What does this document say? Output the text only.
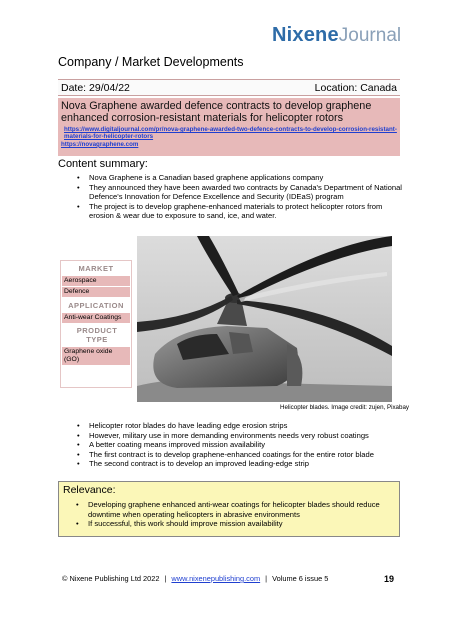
NixeneJournal
Company / Market Developments
Date: 29/04/22	Location: Canada
Nova Graphene awarded defence contracts to develop graphene enhanced corrosion-resistant materials for helicopter rotors
https://www.digitaljournal.com/pr/nova-graphene-awarded-two-defence-contracts-to-develop-corrosion-resistant-materials-for-helicopter-rotors
https://novagraphene.com
Content summary:
• Nova Graphene is a Canadian based graphene applications company
• They announced they have been awarded two contracts by Canada's Department of National Defence's Innovation for Defence Excellence and Security (IDEaS) program
• The project is to develop graphene-enhanced materials to protect helicopter rotors from erosion & wear due to exposure to sand, ice, and water.
MARKET
Aerospace
Defence
APPLICATION
Anti-wear Coatings
PRODUCT TYPE
Graphene oxide (GO)
Helicopter blades. Image credit: zujen, Pixabay
• Helicopter rotor blades do have leading edge erosion strips
• However, military use in more demanding environments needs very robust coatings
• A better coating means improved mission availability
• The first contract is to develop graphene-enhanced coatings for the entire rotor blade
• The second contract is to develop an improved leading-edge strip
Relevance:
• Developing graphene enhanced anti-wear coatings for helicopter blades should reduce downtime when operating helicopters in abrasive environments
• If successful, this work should improve mission availability
© Nixene Publishing Ltd 2022 | www.nixenepublishing.com | Volume 6 issue 5	19
